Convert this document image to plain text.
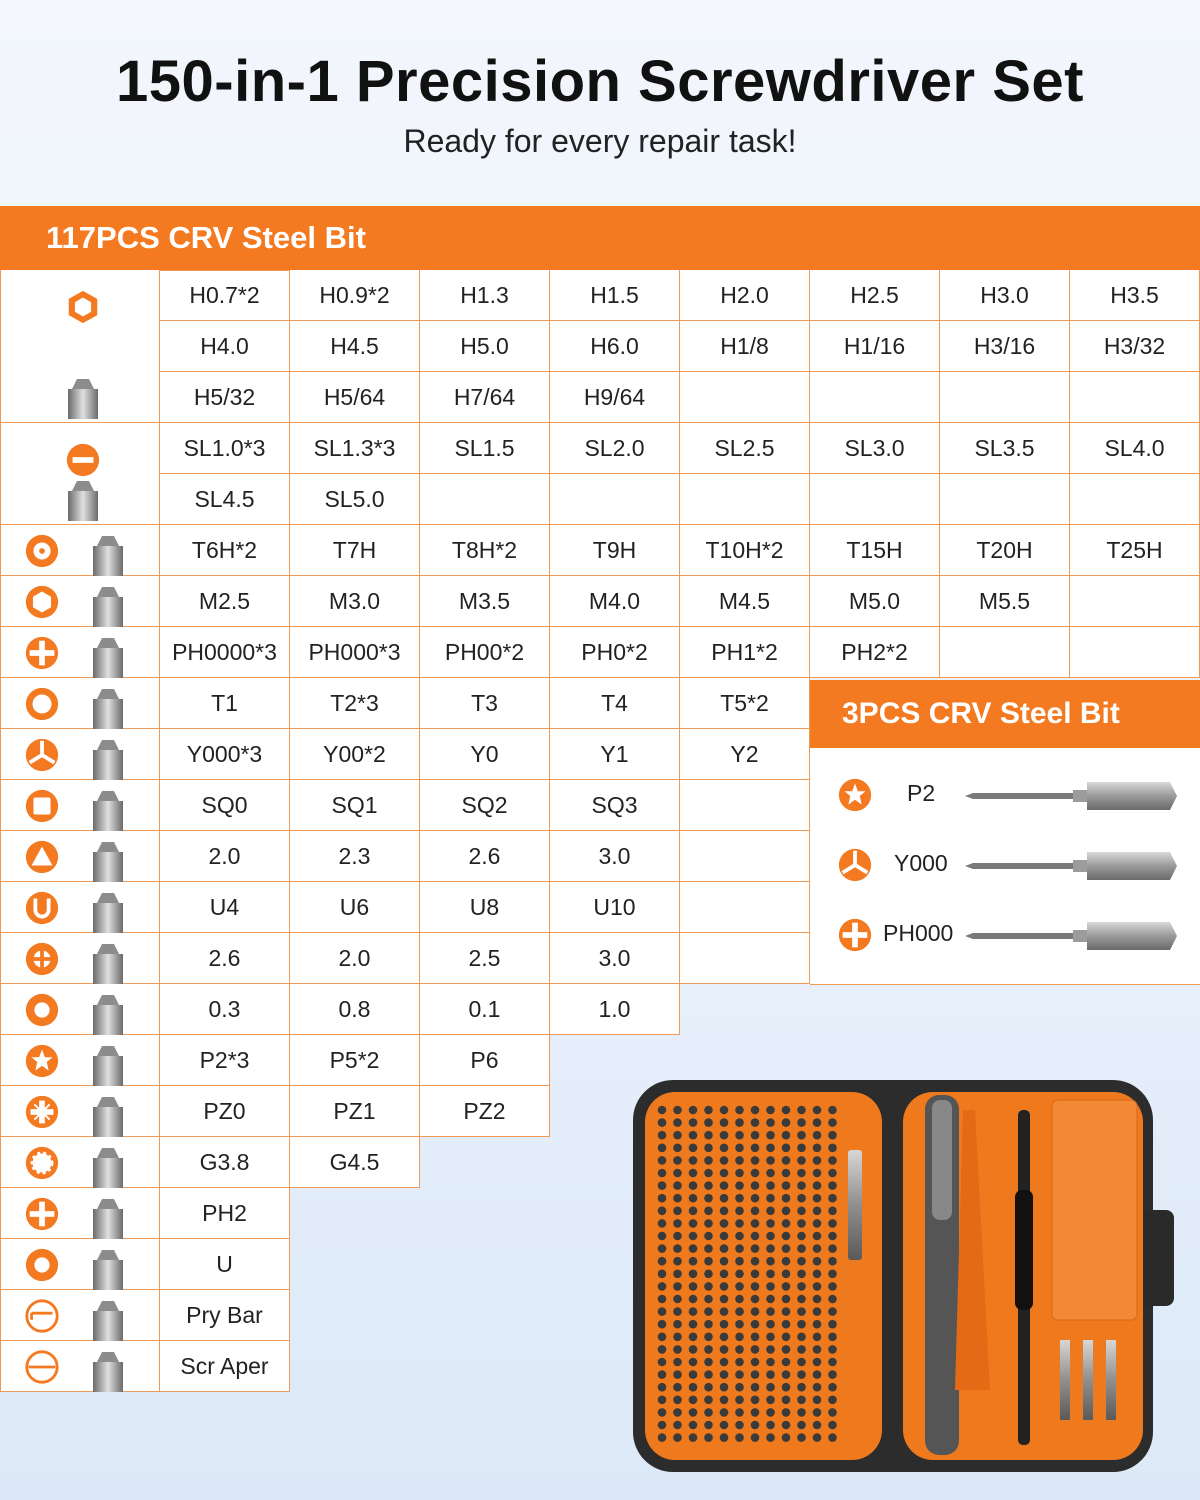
150-in-1 Precision Screwdriver Set
Ready for every repair task!
117PCS CRV Steel Bit
H0.7*2	H0.9*2	H1.3	H1.5	H2.0	H2.5	H3.0	H3.5
H4.0	H4.5	H5.0	H6.0	H1/8	H1/16	H3/16	H3/32
H5/32	H5/64	H7/64	H9/64
SL1.0*3	SL1.3*3	SL1.5	SL2.0	SL2.5	SL3.0	SL3.5	SL4.0
SL4.5	SL5.0
T6H*2	T7H	T8H*2	T9H	T10H*2	T15H	T20H	T25H
M2.5	M3.0	M3.5	M4.0	M4.5	M5.0	M5.5
PH0000*3	PH000*3	PH00*2	PH0*2	PH1*2	PH2*2
T1	T2*3	T3	T4	T5*2
Y000*3	Y00*2	Y0	Y1	Y2
SQ0	SQ1	SQ2	SQ3
2.0	2.3	2.6	3.0
U4	U6	U8	U10
2.6	2.0	2.5	3.0
0.3	0.8	0.1	1.0
P2*3	P5*2	P6
PZ0	PZ1	PZ2
G3.8	G4.5
PH2
U
Pry Bar
Scr Aper
3PCS CRV Steel Bit
P2
Y000
PH000
